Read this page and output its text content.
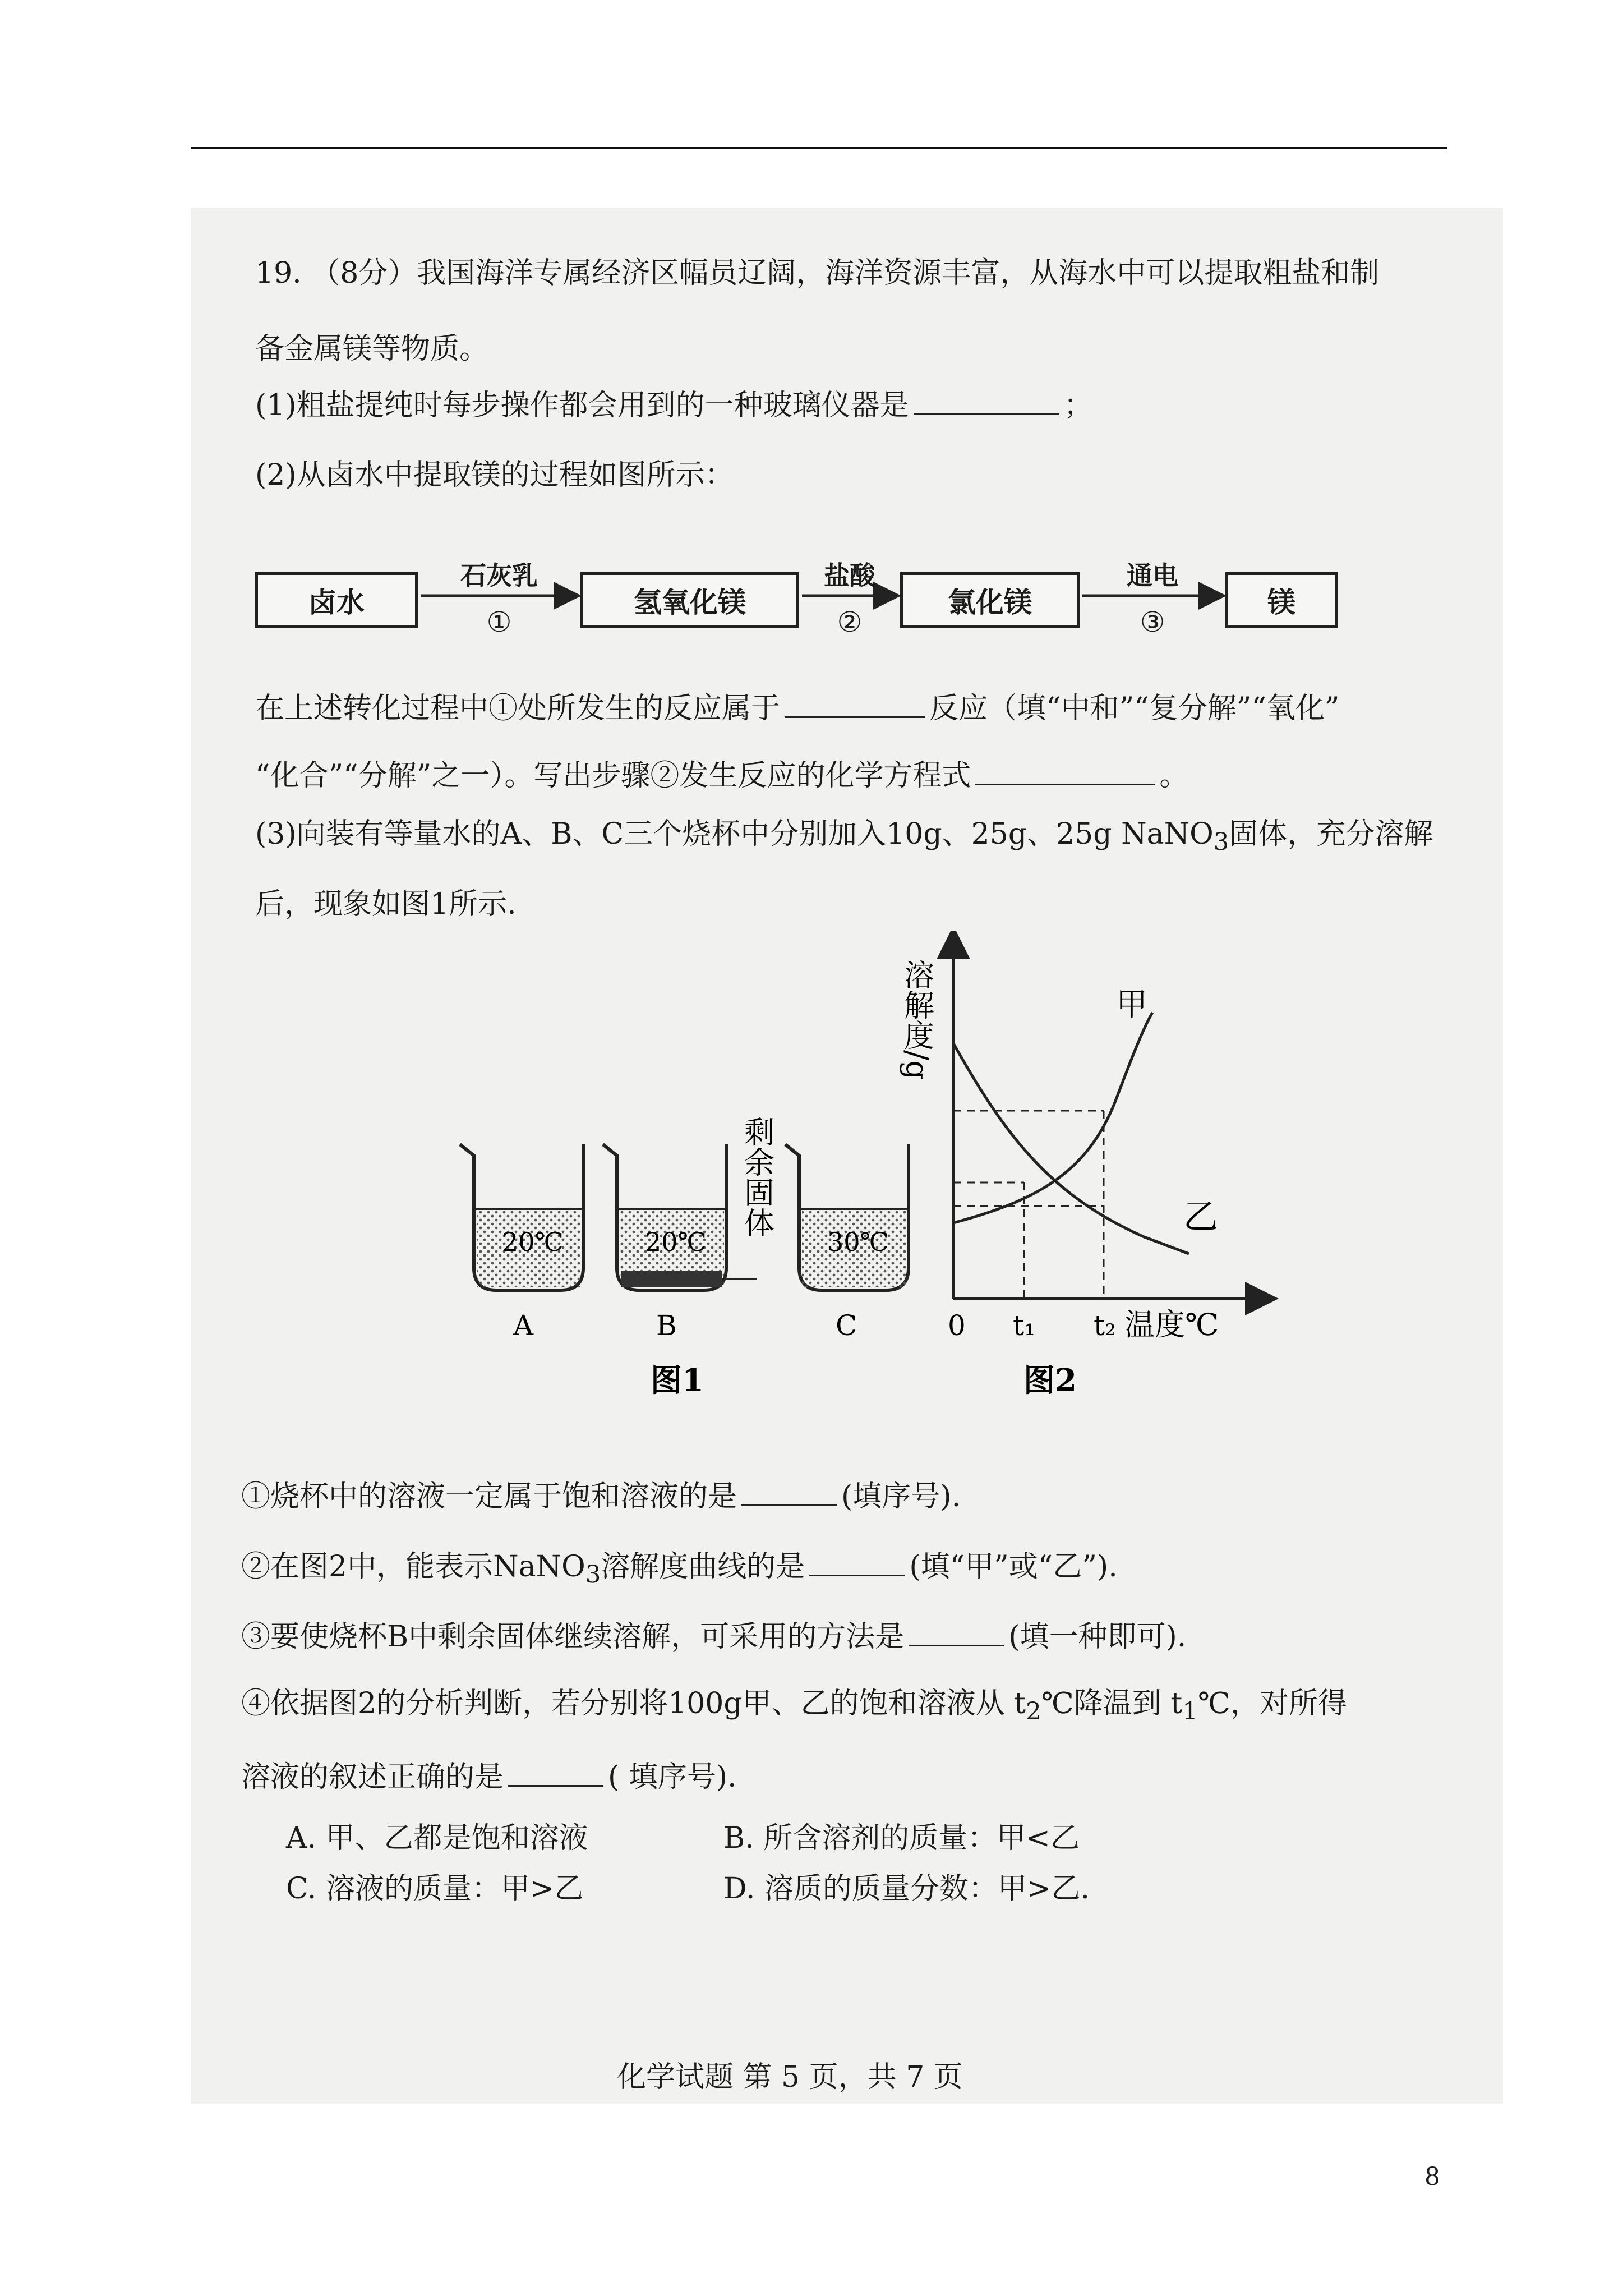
19. （8分）我国海洋专属经济区幅员辽阔，海洋资源丰富，从海水中可以提取粗盐和制
备金属镁等物质。
(1)粗盐提纯时每步操作都会用到的一种玻璃仪器是	；
(2)从卤水中提取镁的过程如图所示：
卤水	氢氧化镁	氯化镁	镁
石灰乳
①
盐酸
②
通电
③
在上述转化过程中①处所发生的反应属于	反应（填“中和”“复分解”“氧化”
“化合”“分解”之一）。写出步骤②发生反应的化学方程式	。
(3)向装有等量水的A、B、C三个烧杯中分别加入10g、25g、25g NaNO$_3$固体，充分溶解
后，现象如图1所示.
20℃
A
20℃
B
剩余固体
30℃
C
图1
溶解度/g	甲
乙
0 t₁ t₂ 温度℃
图2
①烧杯中的溶液一定属于饱和溶液的是	(填序号).
②在图2中，能表示NaNO$_3$溶解度曲线的是	(填“甲”或“乙”).
③要使烧杯B中剩余固体继续溶解，可采用的方法是	(填一种即可).
④依据图2的分析判断，若分别将100g甲、乙的饱和溶液从 $t_2℃$降温到 $t_1℃$，对所得
溶液的叙述正确的是	( 填序号).
A. 甲、乙都是饱和溶液	B. 所含溶剂的质量：甲<乙
C. 溶液的质量：甲>乙	D. 溶质的质量分数：甲>乙.
化学试题 第 5 页，共 7 页
8
